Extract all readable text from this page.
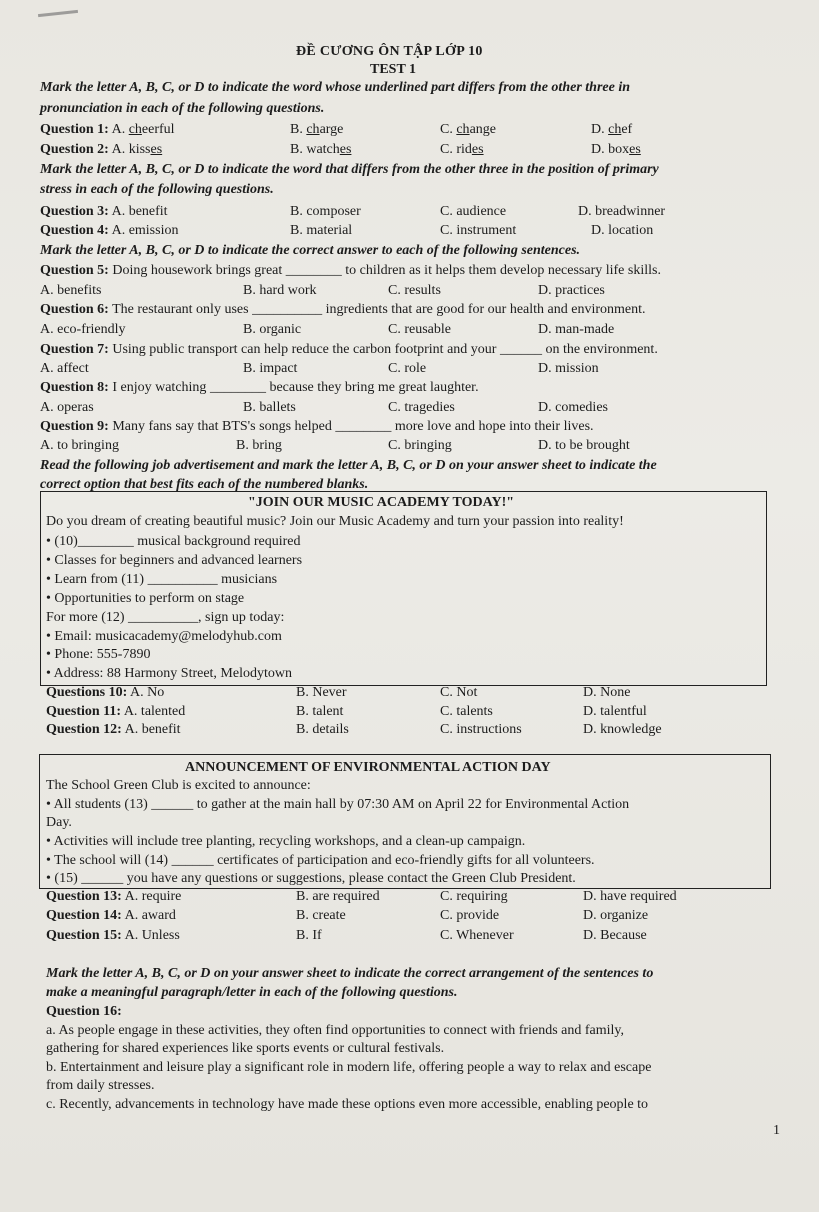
ĐỀ CƯƠNG ÔN TẬP LỚP 10
TEST 1
Mark the letter A, B, C, or D to indicate the word whose underlined part differs from the other three in
pronunciation in each of the following questions.
Question 1: A. cheerful	B. charge	C. change	D. chef
Question 2: A. kisses	B. watches	C. rides	D. boxes
Mark the letter A, B, C, or D to indicate the word that differs from the other three in the position of primary
stress in each of the following questions.
Question 3: A. benefit	B. composer	C. audience	D. breadwinner
Question 4: A. emission	B. material	C. instrument	D. location
Mark the letter A, B, C, or D to indicate the correct answer to each of the following sentences.
Question 5: Doing housework brings great ________ to children as it helps them develop necessary life skills.
A. benefits	B. hard work	C. results	D. practices
Question 6: The restaurant only uses __________ ingredients that are good for our health and environment.
A. eco-friendly	B. organic	C. reusable	D. man-made
Question 7: Using public transport can help reduce the carbon footprint and your ______ on the environment.
A. affect	B. impact	C. role	D. mission
Question 8: I enjoy watching ________ because they bring me great laughter.
A. operas	B. ballets	C. tragedies	D. comedies
Question 9: Many fans say that BTS's songs helped ________ more love and hope into their lives.
A. to bringing	B. bring	C. bringing	D. to be brought
Read the following job advertisement and mark the letter A, B, C, or D on your answer sheet to indicate the
correct option that best fits each of the numbered blanks.
"JOIN OUR MUSIC ACADEMY TODAY!"
Do you dream of creating beautiful music? Join our Music Academy and turn your passion into reality!
• (10)________ musical background required
• Classes for beginners and advanced learners
• Learn from (11) __________ musicians
• Opportunities to perform on stage
For more (12) __________, sign up today:
• Email: musicacademy@melodyhub.com
• Phone: 555-7890
• Address: 88 Harmony Street, Melodytown
Questions 10: A. No	B. Never	C. Not	D. None
Question 11: A. talented	B. talent	C. talents	D. talentful
Question 12: A. benefit	B. details	C. instructions	D. knowledge
ANNOUNCEMENT OF ENVIRONMENTAL ACTION DAY
The School Green Club is excited to announce:
• All students (13) ______ to gather at the main hall by 07:30 AM on April 22 for Environmental Action
Day.
• Activities will include tree planting, recycling workshops, and a clean-up campaign.
• The school will (14) ______ certificates of participation and eco-friendly gifts for all volunteers.
• (15) ______ you have any questions or suggestions, please contact the Green Club President.
Question 13: A. require	B. are required	C. requiring	D. have required
Question 14: A. award	B. create	C. provide	D. organize
Question 15: A. Unless	B. If	C. Whenever	D. Because
Mark the letter A, B, C, or D on your answer sheet to indicate the correct arrangement of the sentences to
make a meaningful paragraph/letter in each of the following questions.
Question 16:
a. As people engage in these activities, they often find opportunities to connect with friends and family,
gathering for shared experiences like sports events or cultural festivals.
b. Entertainment and leisure play a significant role in modern life, offering people a way to relax and escape
from daily stresses.
c. Recently, advancements in technology have made these options even more accessible, enabling people to
1
